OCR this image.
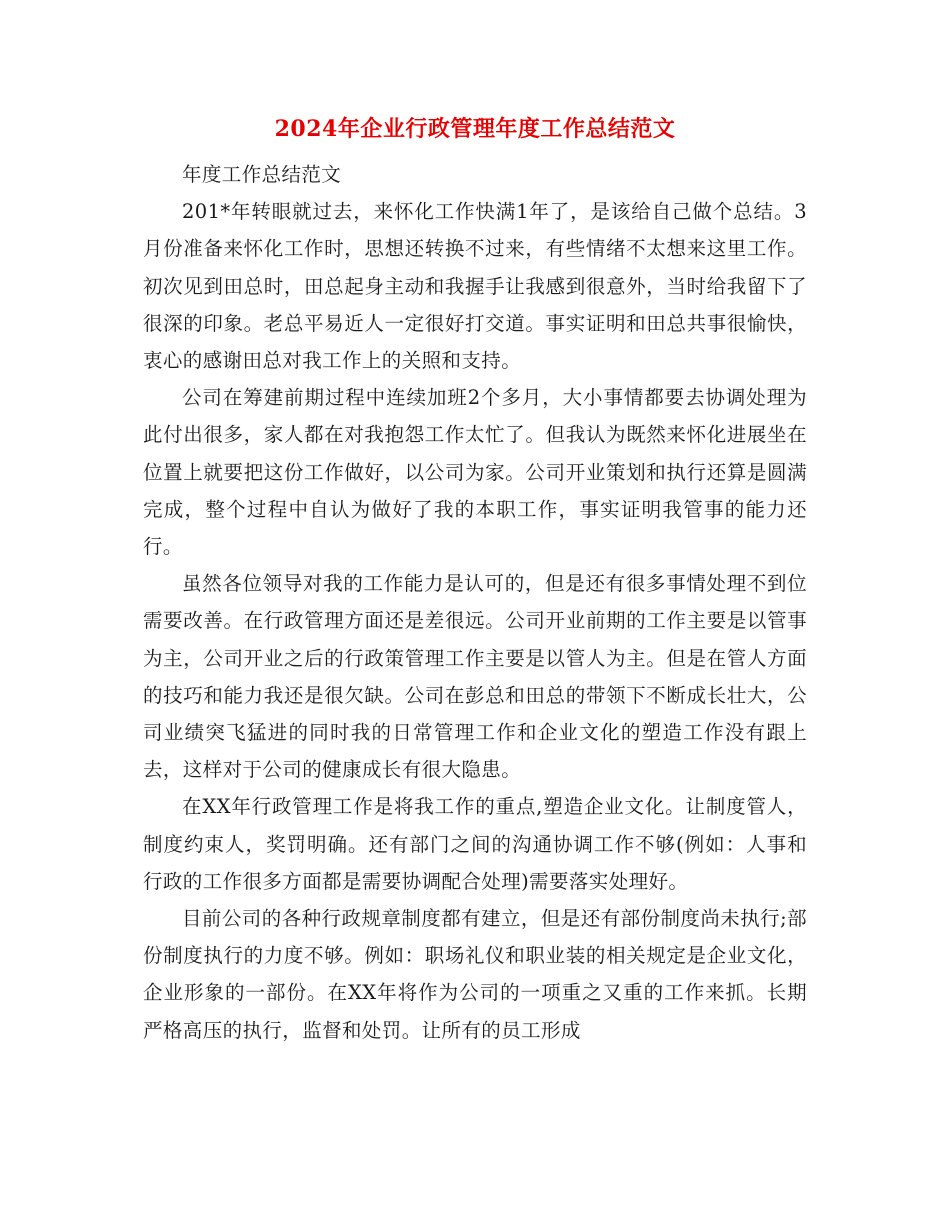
2024年企业行政管理年度工作总结范文

年度工作总结范文

201*年转眼就过去，来怀化工作快满1年了，是该给自己做个总结。3月份准备来怀化工作时，思想还转换不过来，有些情绪不太想来这里工作。初次见到田总时，田总起身主动和我握手让我感到很意外，当时给我留下了很深的印象。老总平易近人一定很好打交道。事实证明和田总共事很愉快，衷心的感谢田总对我工作上的关照和支持。

公司在筹建前期过程中连续加班2个多月，大小事情都要去协调处理为此付出很多，家人都在对我抱怨工作太忙了。但我认为既然来怀化进展坐在位置上就要把这份工作做好，以公司为家。公司开业策划和执行还算是圆满完成，整个过程中自认为做好了我的本职工作，事实证明我管事的能力还行。

虽然各位领导对我的工作能力是认可的，但是还有很多事情处理不到位需要改善。在行政管理方面还是差很远。公司开业前期的工作主要是以管事为主，公司开业之后的行政策管理工作主要是以管人为主。但是在管人方面的技巧和能力我还是很欠缺。公司在彭总和田总的带领下不断成长壮大，公司业绩突飞猛进的同时我的日常管理工作和企业文化的塑造工作没有跟上去，这样对于公司的健康成长有很大隐患。

在XX年行政管理工作是将我工作的重点,塑造企业文化。让制度管人，制度约束人，奖罚明确。还有部门之间的沟通协调工作不够(例如：人事和行政的工作很多方面都是需要协调配合处理)需要落实处理好。

目前公司的各种行政规章制度都有建立，但是还有部份制度尚未执行;部份制度执行的力度不够。例如：职场礼仪和职业装的相关规定是企业文化，企业形象的一部份。在XX年将作为公司的一项重之又重的工作来抓。长期严格高压的执行，监督和处罚。让所有的员工形成
